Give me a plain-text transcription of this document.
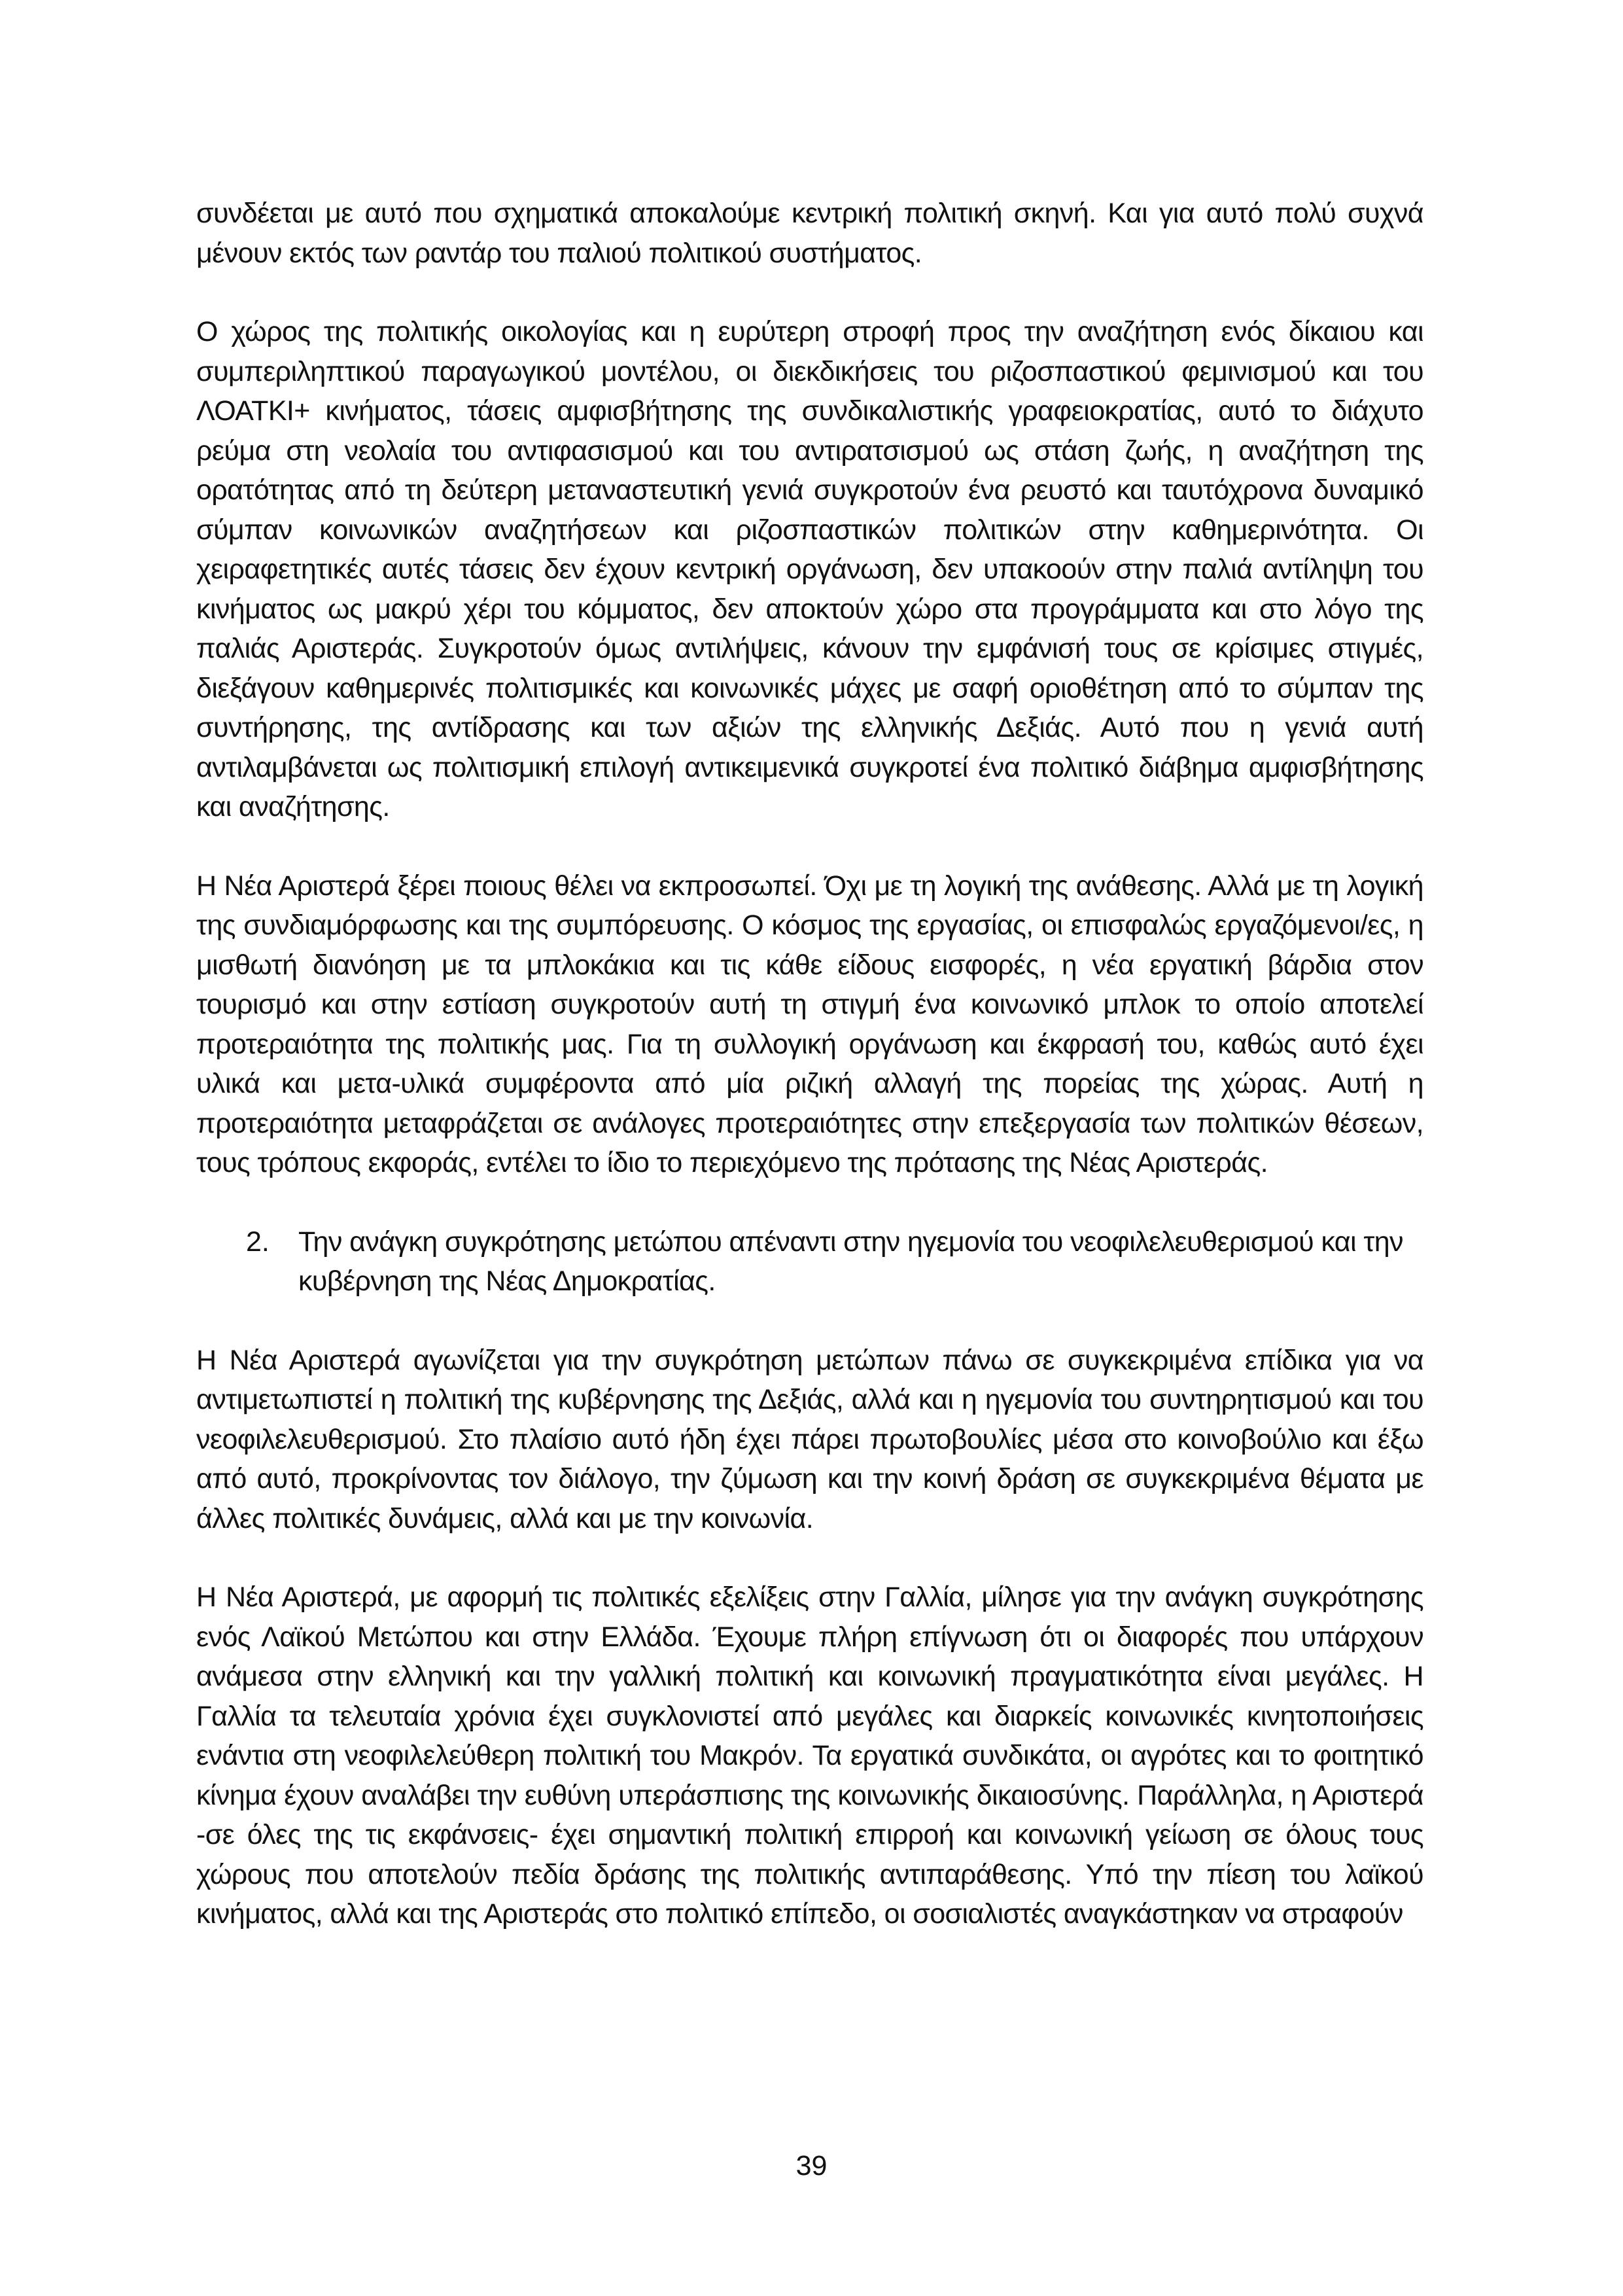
συνδέεται με αυτό που σχηματικά αποκαλούμε κεντρική πολιτική σκηνή. Και για αυτό πολύ συχνά μένουν εκτός των ραντάρ του παλιού πολιτικού συστήματος.

Ο χώρος της πολιτικής οικολογίας και η ευρύτερη στροφή προς την αναζήτηση ενός δίκαιου και συμπεριληπτικού παραγωγικού μοντέλου, οι διεκδικήσεις του ριζοσπαστικού φεμινισμού και του ΛΟΑΤΚΙ+ κινήματος, τάσεις αμφισβήτησης της συνδικαλιστικής γραφειοκρατίας, αυτό το διάχυτο ρεύμα στη νεολαία του αντιφασισμού και του αντιρατσισμού ως στάση ζωής, η αναζήτηση της ορατότητας από τη δεύτερη μεταναστευτική γενιά συγκροτούν ένα ρευστό και ταυτόχρονα δυναμικό σύμπαν κοινωνικών αναζητήσεων και ριζοσπαστικών πολιτικών στην καθημερινότητα. Οι χειραφετητικές αυτές τάσεις δεν έχουν κεντρική οργάνωση, δεν υπακοούν στην παλιά αντίληψη του κινήματος ως μακρύ χέρι του κόμματος, δεν αποκτούν χώρο στα προγράμματα και στο λόγο της παλιάς Αριστεράς. Συγκροτούν όμως αντιλήψεις, κάνουν την εμφάνισή τους σε κρίσιμες στιγμές, διεξάγουν καθημερινές πολιτισμικές και κοινωνικές μάχες με σαφή οριοθέτηση από το σύμπαν της συντήρησης, της αντίδρασης και των αξιών της ελληνικής Δεξιάς. Αυτό που η γενιά αυτή αντιλαμβάνεται ως πολιτισμική επιλογή αντικειμενικά συγκροτεί ένα πολιτικό διάβημα αμφισβήτησης και αναζήτησης.

Η Νέα Αριστερά ξέρει ποιους θέλει να εκπροσωπεί. Όχι με τη λογική της ανάθεσης. Αλλά με τη λογική της συνδιαμόρφωσης και της συμπόρευσης. Ο κόσμος της εργασίας, οι επισφαλώς εργαζόμενοι/ες, η μισθωτή διανόηση με τα μπλοκάκια και τις κάθε είδους εισφορές, η νέα εργατική βάρδια στον τουρισμό και στην εστίαση συγκροτούν αυτή τη στιγμή ένα κοινωνικό μπλοκ το οποίο αποτελεί προτεραιότητα της πολιτικής μας. Για τη συλλογική οργάνωση και έκφρασή του, καθώς αυτό έχει υλικά και μετα-υλικά συμφέροντα από μία ριζική αλλαγή της πορείας της χώρας. Αυτή η προτεραιότητα μεταφράζεται σε ανάλογες προτεραιότητες στην επεξεργασία των πολιτικών θέσεων, τους τρόπους εκφοράς, εντέλει το ίδιο το περιεχόμενο της πρότασης της Νέας Αριστεράς.

2.	Την ανάγκη συγκρότησης μετώπου απέναντι στην ηγεμονία του νεοφιλελευθερισμού και την κυβέρνηση της Νέας Δημοκρατίας.

Η Νέα Αριστερά αγωνίζεται για την συγκρότηση μετώπων πάνω σε συγκεκριμένα επίδικα για να αντιμετωπιστεί η πολιτική της κυβέρνησης της Δεξιάς, αλλά και η ηγεμονία του συντηρητισμού και του νεοφιλελευθερισμού. Στο πλαίσιο αυτό ήδη έχει πάρει πρωτοβουλίες μέσα στο κοινοβούλιο και έξω από αυτό, προκρίνοντας τον διάλογο, την ζύμωση και την κοινή δράση σε συγκεκριμένα θέματα με άλλες πολιτικές δυνάμεις, αλλά και με την κοινωνία.

Η Νέα Αριστερά, με αφορμή τις πολιτικές εξελίξεις στην Γαλλία, μίλησε για την ανάγκη συγκρότησης ενός Λαϊκού Μετώπου και στην Ελλάδα. Έχουμε πλήρη επίγνωση ότι οι διαφορές που υπάρχουν ανάμεσα στην ελληνική και την γαλλική πολιτική και κοινωνική πραγματικότητα είναι μεγάλες. Η Γαλλία τα τελευταία χρόνια έχει συγκλονιστεί από μεγάλες και διαρκείς κοινωνικές κινητοποιήσεις ενάντια στη νεοφιλελεύθερη πολιτική του Μακρόν. Τα εργατικά συνδικάτα, οι αγρότες και το φοιτητικό κίνημα έχουν αναλάβει την ευθύνη υπεράσπισης της κοινωνικής δικαιοσύνης. Παράλληλα, η Αριστερά -σε όλες της τις εκφάνσεις- έχει σημαντική πολιτική επιρροή και κοινωνική γείωση σε όλους τους χώρους που αποτελούν πεδία δράσης της πολιτικής αντιπαράθεσης. Υπό την πίεση του λαϊκού κινήματος, αλλά και της Αριστεράς στο πολιτικό επίπεδο, οι σοσιαλιστές αναγκάστηκαν να στραφούν

39
